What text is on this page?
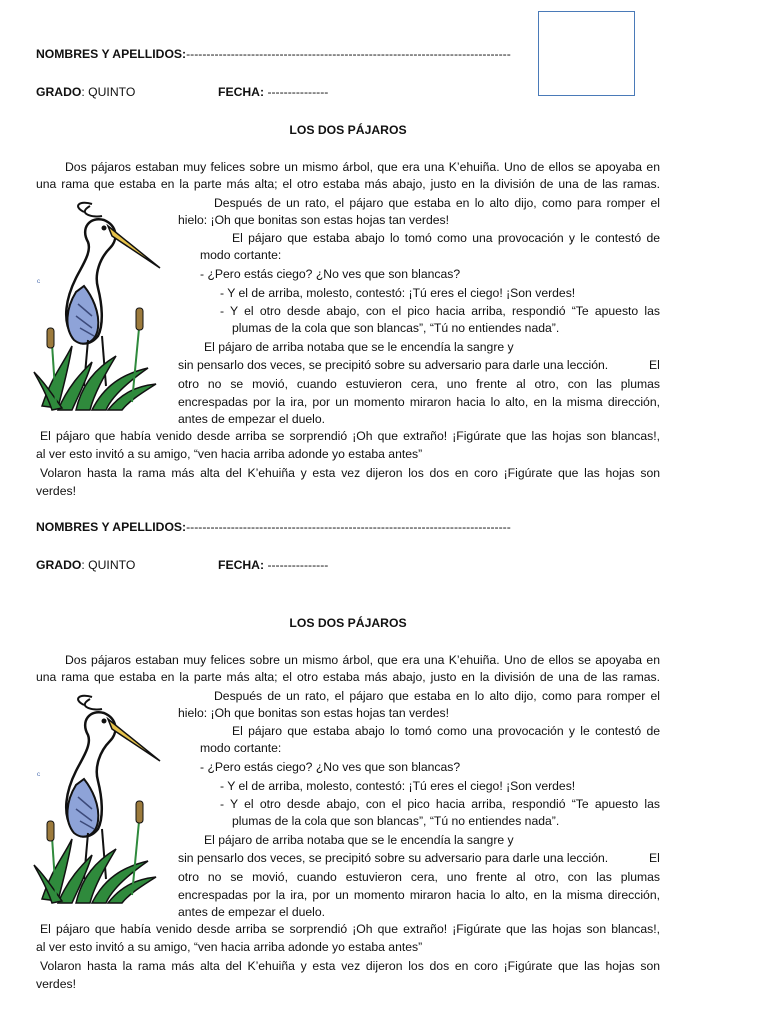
NOMBRES Y APELLIDOS:--------------------------------------------------------------------------------
GRADO: QUINTO	FECHA: ---------------
LOS DOS PÁJAROS
Dos pájaros estaban muy felices sobre un mismo árbol, que era una K’ehuiña. Uno de ellos se apoyaba en
una rama que estaba en la parte más alta; el otro estaba más abajo, justo en la división de una de las ramas.
ᶜ
Después de un rato, el pájaro que estaba en lo alto dijo, como para romper el
hielo: ¡Oh que bonitas son estas hojas tan verdes!
El pájaro que estaba abajo lo tomó como una provocación y le contestó de
modo cortante:
- ¿Pero estás ciego? ¿No ves que son blancas?
- Y el de arriba, molesto, contestó: ¡Tú eres el ciego! ¡Son verdes!
- Y el otro desde abajo, con el pico hacia arriba, respondió “Te apuesto las
plumas de la cola que son blancas”, “Tú no entiendes nada”.
El pájaro de arriba notaba que se le encendía la sangre y
sin pensarlo dos veces, se precipitó sobre su adversario para darle una lección.	El
otro no se movió, cuando estuvieron cera, uno frente al otro, con las plumas
encrespadas por la ira, por un momento miraron hacia lo alto, en la misma dirección,
antes de empezar el duelo.
El pájaro que había venido desde arriba se sorprendió ¡Oh que extraño! ¡Figúrate que las hojas son blancas!,
al ver esto invitó a su amigo, “ven hacia arriba adonde yo estaba antes”
Volaron hasta la rama más alta del K’ehuiña y esta vez dijeron los dos en coro ¡Figúrate que las hojas son
verdes!
NOMBRES Y APELLIDOS:--------------------------------------------------------------------------------
GRADO: QUINTO	FECHA: ---------------
LOS DOS PÁJAROS
Dos pájaros estaban muy felices sobre un mismo árbol, que era una K’ehuiña. Uno de ellos se apoyaba en
una rama que estaba en la parte más alta; el otro estaba más abajo, justo en la división de una de las ramas.
ᶜ
Después de un rato, el pájaro que estaba en lo alto dijo, como para romper el
hielo: ¡Oh que bonitas son estas hojas tan verdes!
El pájaro que estaba abajo lo tomó como una provocación y le contestó de
modo cortante:
- ¿Pero estás ciego? ¿No ves que son blancas?
- Y el de arriba, molesto, contestó: ¡Tú eres el ciego! ¡Son verdes!
- Y el otro desde abajo, con el pico hacia arriba, respondió “Te apuesto las
plumas de la cola que son blancas”, “Tú no entiendes nada”.
El pájaro de arriba notaba que se le encendía la sangre y
sin pensarlo dos veces, se precipitó sobre su adversario para darle una lección.	El
otro no se movió, cuando estuvieron cera, uno frente al otro, con las plumas
encrespadas por la ira, por un momento miraron hacia lo alto, en la misma dirección,
antes de empezar el duelo.
El pájaro que había venido desde arriba se sorprendió ¡Oh que extraño! ¡Figúrate que las hojas son blancas!,
al ver esto invitó a su amigo, “ven hacia arriba adonde yo estaba antes”
Volaron hasta la rama más alta del K’ehuiña y esta vez dijeron los dos en coro ¡Figúrate que las hojas son
verdes!
